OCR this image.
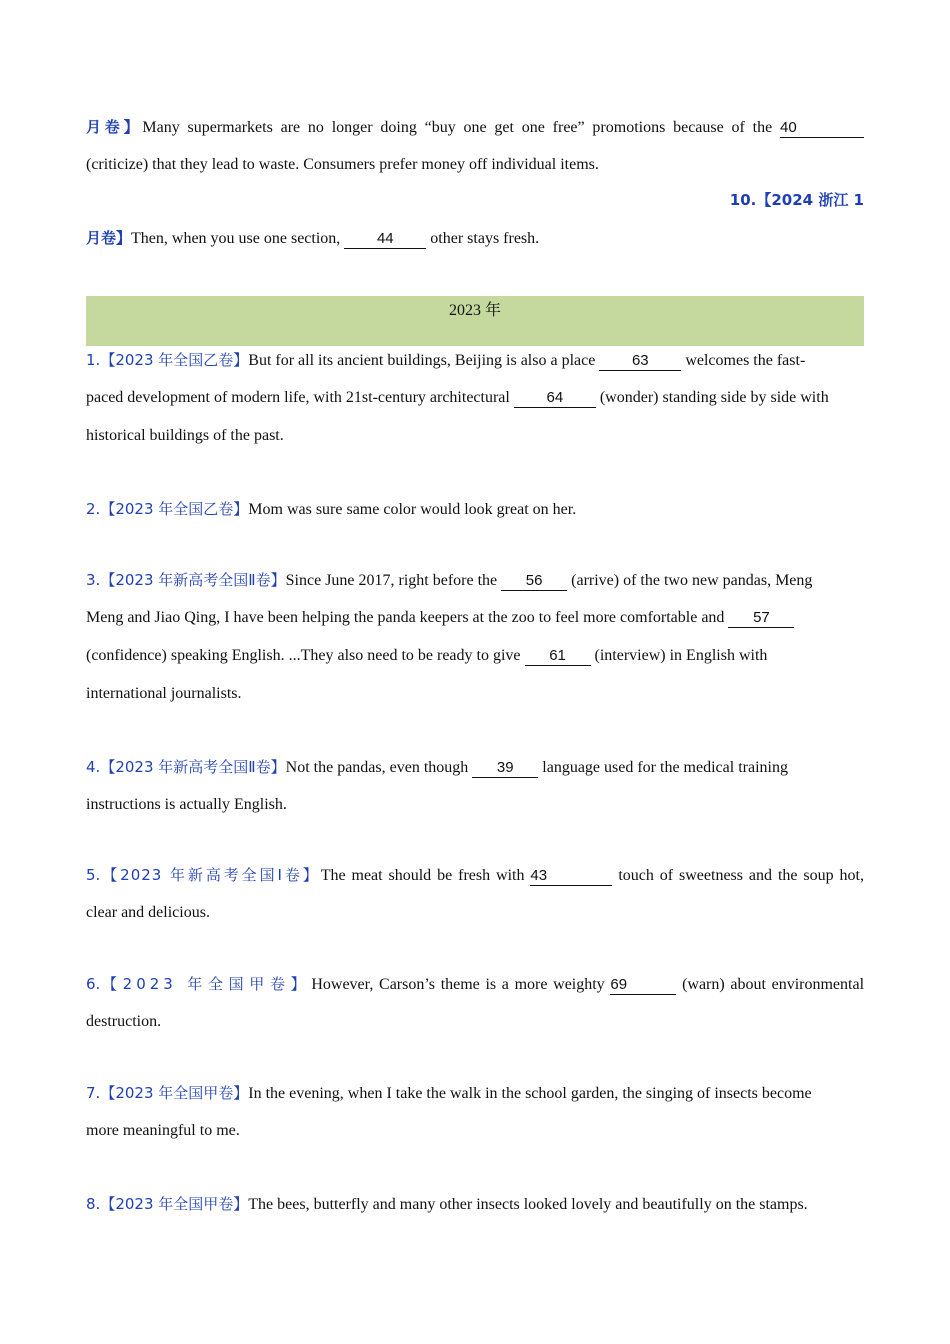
月卷】Many supermarkets are no longer doing “buy one get one free” promotions because of the 40
(criticize) that they lead to waste. Consumers prefer money off individual items.
10.【2024 浙江 1
月卷】Then, when you use one section, 44 other stays fresh.
1.【2023 年全国乙卷】But for all its ancient buildings, Beijing is also a place 63 welcomes the fast-
paced development of modern life, with 21st-century architectural 64 (wonder) standing side by side with
historical buildings of the past.
2.【2023 年全国乙卷】Mom was sure same color would look great on her.
3.【2023 年新高考全国Ⅱ卷】Since June 2017, right before the 56 (arrive) of the two new pandas, Meng
Meng and Jiao Qing, I have been helping the panda keepers at the zoo to feel more comfortable and 57
(confidence) speaking English. ...They also need to be ready to give 61 (interview) in English with
international journalists.
4.【2023 年新高考全国Ⅱ卷】Not the pandas, even though 39 language used for the medical training
instructions is actually English.
5.【2023 年新高考全国Ⅰ卷】The meat should be fresh with 43	touch of sweetness and the soup hot,
clear and delicious.
6.【2023 年全国甲卷】However, Carson’s theme is a more weighty 69	(warn) about environmental
destruction.
7.【2023 年全国甲卷】In the evening, when I take the walk in the school garden, the singing of insects become
more meaningful to me.
8.【2023 年全国甲卷】The bees, butterfly and many other insects looked lovely and beautifully on the stamps.
2023 年
